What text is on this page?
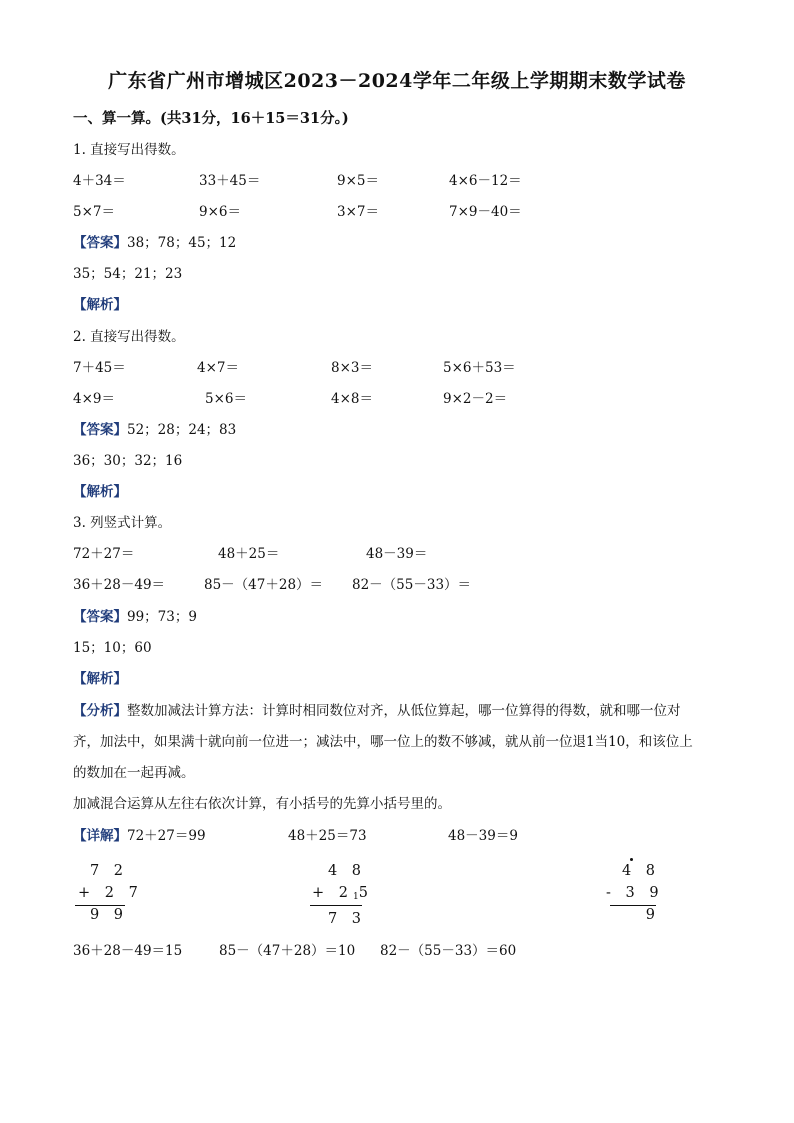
广东省广州市增城区2023－2024学年二年级上学期期末数学试卷
一、算一算。(共31分，16＋15＝31分。)
1. 直接写出得数。
4＋34＝	33＋45＝	9×5＝	4×6－12＝
5×7＝	9×6＝	3×7＝	7×9－40＝
【答案】38；78；45；12
35；54；21；23
【解析】
2. 直接写出得数。
7＋45＝	4×7＝	8×3＝	5×6＋53＝
4×9＝	5×6＝	4×8＝	9×2－2＝
【答案】52；28；24；83
36；30；32；16
【解析】
3. 列竖式计算。
72＋27＝	48＋25＝	48－39＝
36＋28－49＝	85－（47＋28）＝ 82－（55－33）＝
【答案】99；73；9
15；10；60
【解析】
【分析】整数加减法计算方法：计算时相同数位对齐，从低位算起，哪一位算得的得数，就和哪一位对
齐，加法中，如果满十就向前一位进一；减法中，哪一位上的数不够减，就从前一位退1当10，和该位上
的数加在一起再减。
加减混合运算从左往右依次计算，有小括号的先算小括号里的。
【详解】72＋27＝99	48＋25＝73	48－39＝9
7 2
+ 2 7
9 9
4 8
+ 215
7 3
4 8
- 3 9
9
36＋28－49＝15	85－（47＋28）＝10 82－（55－33）＝60
